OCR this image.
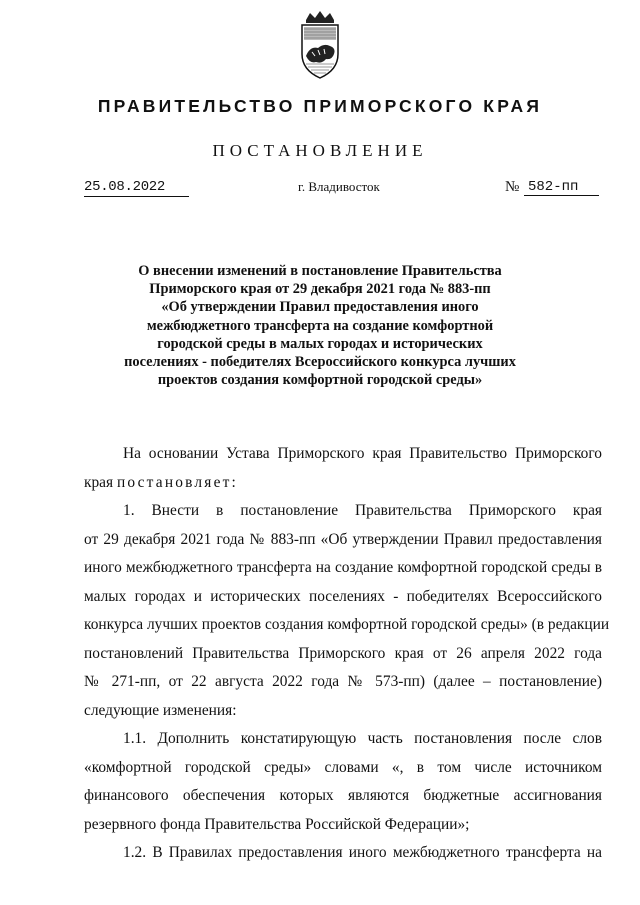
ПРАВИТЕЛЬСТВО ПРИМОРСКОГО КРАЯ
ПОСТАНОВЛЕНИЕ
25.08.2022	г. Владивосток	№ 582-пп
О внесении изменений в постановление Правительства
Приморского края от 29 декабря 2021 года № 883-пп
«Об утверждении Правил предоставления иного
межбюджетного трансферта на создание комфортной
городской среды в малых городах и исторических
поселениях - победителях Всероссийского конкурса лучших
проектов создания комфортной городской среды»
На основании Устава Приморского края Правительство Приморского
края постановляет:
1. Внести в постановление Правительства Приморского края
от 29 декабря 2021 года № 883-пп «Об утверждении Правил предоставления
иного межбюджетного трансферта на создание комфортной городской среды в
малых городах и исторических поселениях - победителях Всероссийского
конкурса лучших проектов создания комфортной городской среды» (в редакции
постановлений Правительства Приморского края от 26 апреля 2022 года
№ 271-пп, от 22 августа 2022 года № 573-пп) (далее – постановление)
следующие изменения:
1.1. Дополнить констатирующую часть постановления после слов
«комфортной городской среды» словами «, в том числе источником
финансового обеспечения которых являются бюджетные ассигнования
резервного фонда Правительства Российской Федерации»;
1.2. В Правилах предоставления иного межбюджетного трансферта на
